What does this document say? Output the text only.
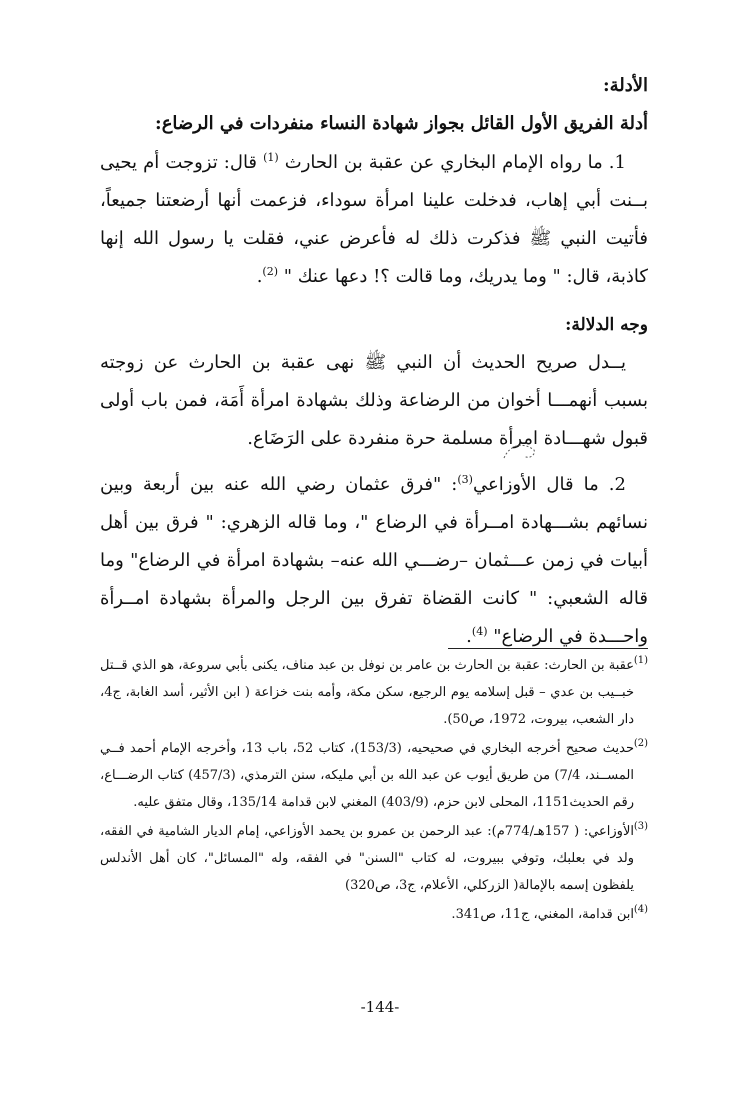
الأدلة:

أدلة الفريق الأول القائل بجواز شهادة النساء منفردات في الرضاع:

1. ما رواه الإمام البخاري عن عقبة بن الحارث $^{(1)}$ قال: تزوجت أم يحيى بــنت أبي إهاب، فدخلت علينا امرأة سوداء، فزعمت أنها أرضعتنا جميعاً، فأتيت النبي ﷺ فذكرت ذلك له فأعرض عني، فقلت يا رسول الله إنها كاذبة، قال: " وما يدريك، وما قالت ؟! دعها عنك " $^{(2)}$.

وجه الدلالة:

يــدل صريح الحديث أن النبي ﷺ نهى عقبة بن الحارث عن زوجته بسبب أنهمـــا أخوان من الرضاعة وذلك بشهادة امرأة أَمَة، فمن باب أولى قبول شهـــادة امرأة مسلمة حرة منفردة على الرَضَاع.

2. ما قال الأوزاعي$^{(3)}$: "فرق عثمان رضي الله عنه بين أربعة وبين نسائهم بشـــهادة امــرأة في الرضاع "، وما قاله الزهري: " فرق بين أهل أبيات في زمن عـــثمان –رضـــي الله عنه– بشهادة امرأة في الرضاع" وما قاله الشعبي: " كانت القضاة تفرق بين الرجل والمرأة بشهادة امــرأة واحـــدة في الرضاع" $^{(4)}$.

(1)
عقبة بن الحارث: عقبة بن الحارث بن عامر بن نوفل بن عبد مناف، يكنى بأبي سروعة، هو الذي قــتل خبــيب بن عدي – قبل إسلامه يوم الرجيع، سكن مكة، وأمه بنت خزاعة ( ابن الأثير، أسد الغابة، ج4، دار الشعب، بيروت، 1972، ص50).

(2)
حديث صحيح أخرجه البخاري في صحيحيه، (153/3)، كتاب 52، باب 13، وأخرجه الإمام أحمد فــي المســند، 7/4) من طريق أيوب عن عبد الله بن أبي مليكه، سنن الترمذي، (457/3) كتاب الرضـــاع، رقم الحديث1151، المحلى لابن حزم، (403/9) المغني لابن قدامة 135/14، وقال متفق عليه.

(3)
الأوزاعي: ( 157هـ/774م): عبد الرحمن بن عمرو بن يحمد الأوزاعي، إمام الديار الشامية في الفقه، ولد في بعلبك، وتوفي ببيروت، له كتاب "السنن" في الفقه، وله "المسائل"، كان أهل الأندلس يلفظون إسمه بالإمالة( الزركلي، الأعلام، ج3، ص320)

(4)
ابن قدامة، المغني، ج11، ص341.

-144-
